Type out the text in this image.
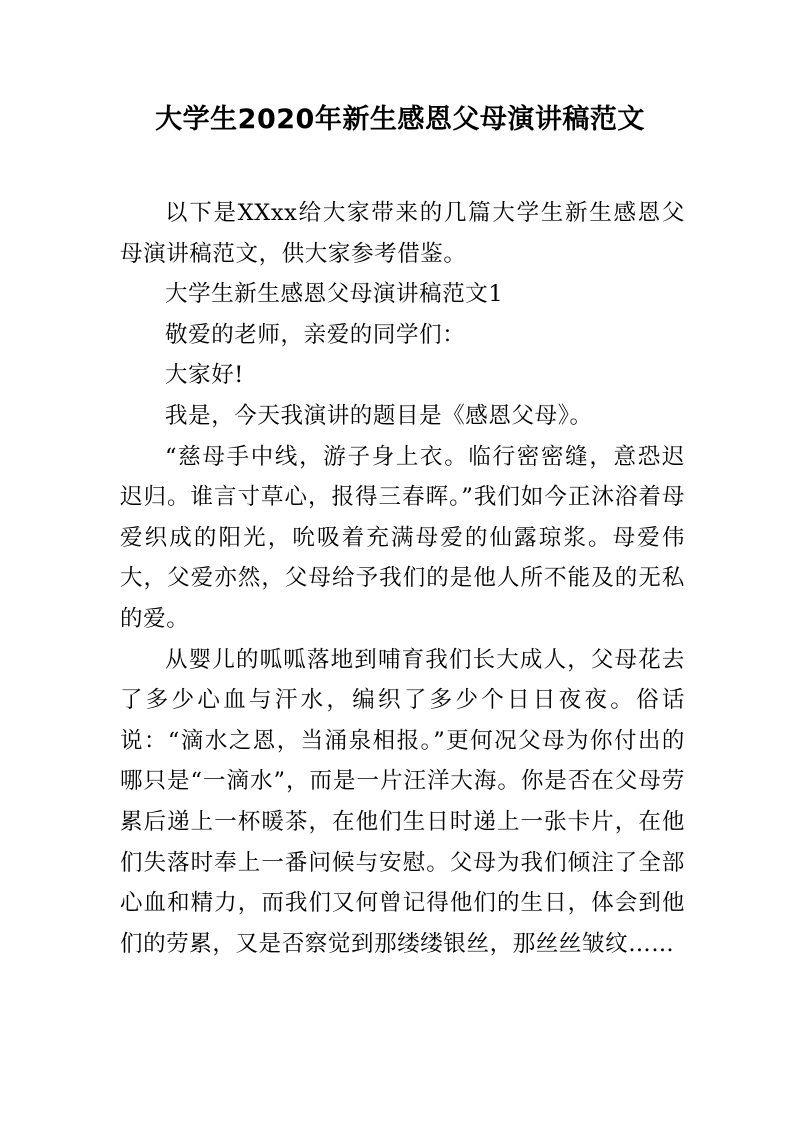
大学生2020年新生感恩父母演讲稿范文

以下是XXxx给大家带来的几篇大学生新生感恩父母演讲稿范文，供大家参考借鉴。

大学生新生感恩父母演讲稿范文1

敬爱的老师，亲爱的同学们：

大家好!

我是，今天我演讲的题目是《感恩父母》。

“慈母手中线，游子身上衣。临行密密缝，意恐迟迟归。谁言寸草心，报得三春晖。”我们如今正沐浴着母爱织成的阳光，吮吸着充满母爱的仙露琼浆。母爱伟大，父爱亦然，父母给予我们的是他人所不能及的无私的爱。

从婴儿的呱呱落地到哺育我们长大成人，父母花去了多少心血与汗水，编织了多少个日日夜夜。俗话说：“滴水之恩，当涌泉相报。”更何况父母为你付出的哪只是“一滴水”，而是一片汪洋大海。你是否在父母劳累后递上一杯暖茶，在他们生日时递上一张卡片，在他们失落时奉上一番问候与安慰。父母为我们倾注了全部心血和精力，而我们又何曾记得他们的生日，体会到他们的劳累，又是否察觉到那缕缕银丝，那丝丝皱纹……
